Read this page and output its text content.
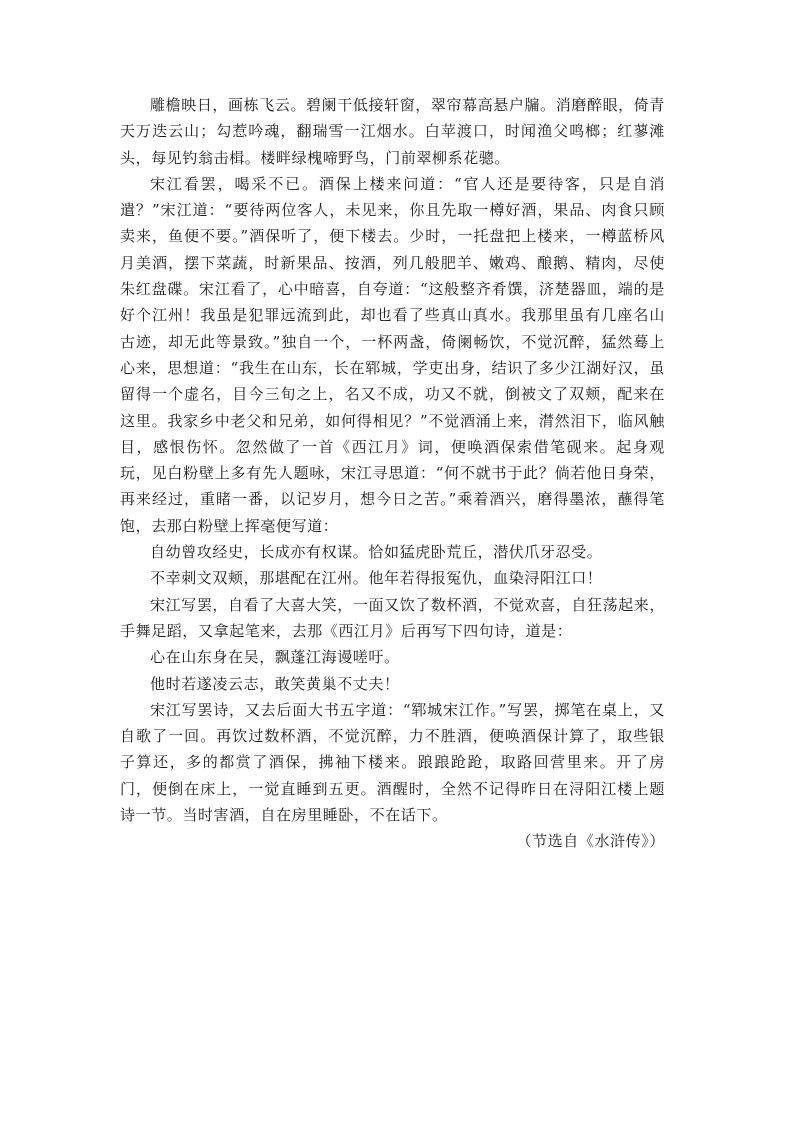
雕檐映日，画栋飞云。碧阑干低接轩窗，翠帘幕高悬户牖。消磨醉眼，倚青天万迭云山；勾惹吟魂，翻瑞雪一江烟水。白苹渡口，时闻渔父鸣榔；红蓼滩头，每见钓翁击楫。楼畔绿槐啼野鸟，门前翠柳系花骢。

宋江看罢，喝采不已。酒保上楼来问道：“官人还是要待客，只是自消遣？”宋江道：“要待两位客人，未见来，你且先取一樽好酒，果品、肉食只顾卖来，鱼便不要。”酒保听了，便下楼去。少时，一托盘把上楼来，一樽蓝桥风月美酒，摆下菜蔬，时新果品、按酒，列几般肥羊、嫩鸡、酿鹅、精肉，尽使朱红盘碟。宋江看了，心中暗喜，自夸道：“这般整齐肴馔，济楚器皿，端的是好个江州！我虽是犯罪远流到此，却也看了些真山真水。我那里虽有几座名山古迹，却无此等景致。”独自一个，一杯两盏，倚阑畅饮，不觉沉醉，猛然蓦上心来，思想道：“我生在山东，长在郓城，学吏出身，结识了多少江湖好汉，虽留得一个虚名，目今三旬之上，名又不成，功又不就，倒被文了双颊，配来在这里。我家乡中老父和兄弟，如何得相见？”不觉酒涌上来，潸然泪下，临风触目，感恨伤怀。忽然做了一首《西江月》词，便唤酒保索借笔砚来。起身观玩，见白粉壁上多有先人题咏，宋江寻思道：“何不就书于此？倘若他日身荣，再来经过，重睹一番，以记岁月，想今日之苦。”乘着酒兴，磨得墨浓，蘸得笔饱，去那白粉壁上挥毫便写道：

自幼曾攻经史，长成亦有权谋。恰如猛虎卧荒丘，潜伏爪牙忍受。

不幸刺文双颊，那堪配在江州。他年若得报冤仇，血染浔阳江口！

宋江写罢，自看了大喜大笑，一面又饮了数杯酒，不觉欢喜，自狂荡起来，手舞足蹈，又拿起笔来，去那《西江月》后再写下四句诗，道是：

心在山东身在吴，飘蓬江海谩嗟吁。

他时若遂凌云志，敢笑黄巢不丈夫！

宋江写罢诗，又去后面大书五字道：“郓城宋江作。”写罢，掷笔在桌上，又自歌了一回。再饮过数杯酒，不觉沉醉，力不胜酒，便唤酒保计算了，取些银子算还，多的都赏了酒保，拂袖下楼来。踉踉跄跄，取路回营里来。开了房门，便倒在床上，一觉直睡到五更。酒醒时，全然不记得昨日在浔阳江楼上题诗一节。当时害酒，自在房里睡卧，不在话下。

（节选自《水浒传》）
